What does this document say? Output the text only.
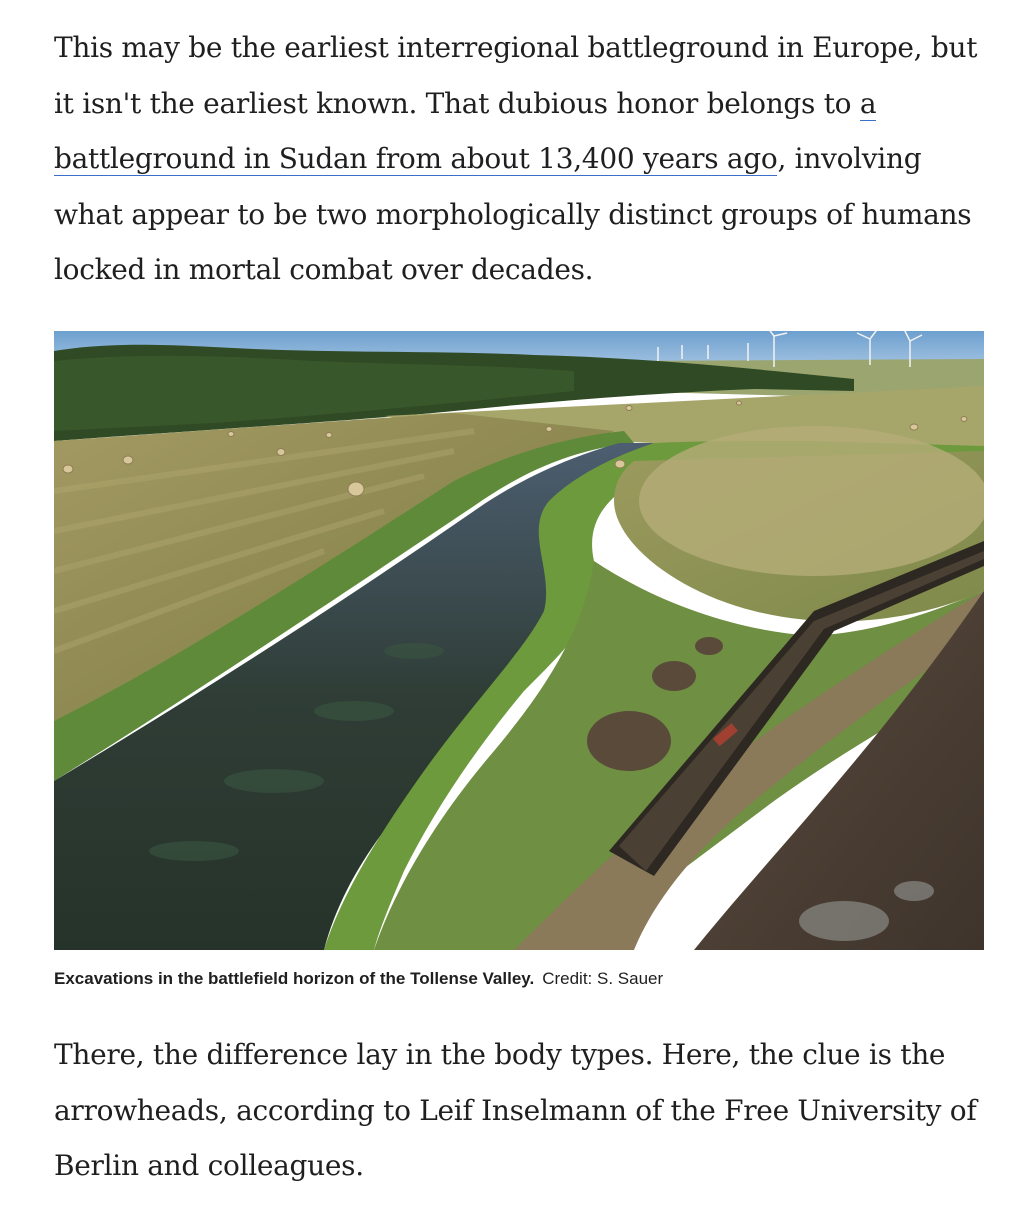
This may be the earliest interregional battleground in Europe, but it isn't the earliest known. That dubious honor belongs to a battleground in Sudan from about 13,400 years ago, involving what appear to be two morphologically distinct groups of humans locked in mortal combat over decades.

Excavations in the battlefield horizon of the Tollense Valley. Credit: S. Sauer

There, the difference lay in the body types. Here, the clue is the arrowheads, according to Leif Inselmann of the Free University of Berlin and colleagues.
